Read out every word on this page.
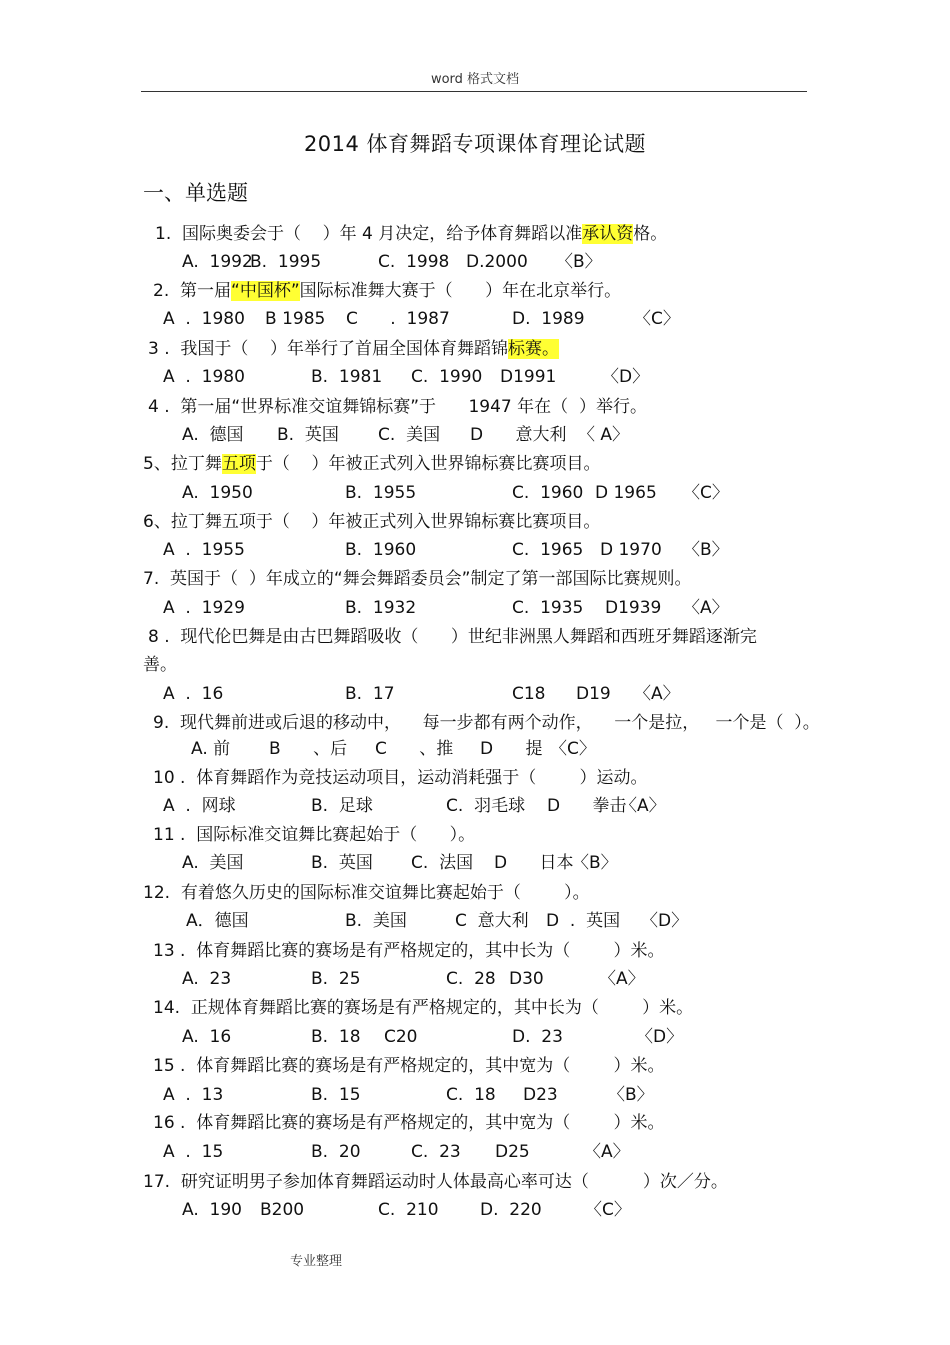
word 格式文档
2014 体育舞蹈专项课体育理论试题
一、单选题
1.  国际奥委会于（    ）年 4 月决定，给予体育舞蹈以准承认资格。
A.  1992
B.  1995	C.  1998 D.2000 〈B〉
2.  第一届“中国杯”国际标准舞大赛于（      ）年在北京举行。
A  .  1980 B 1985 C      .  1987	D.  1989	〈C〉
3 .  我国于（    ）年举行了首届全国体育舞蹈锦标赛。
A  .  1980	B.  1981 C.  1990 D1991	〈D〉
4 .  第一届“世界标准交谊舞锦标赛”于      1947 年在（  ）举行。
A.  德国 B.  英国 C.  美国 D      意大利 〈 A〉
5、拉丁舞五项于（    ）年被正式列入世界锦标赛比赛项目。
A.  1950	B.  1955	C.  1960 D 1965 〈C〉
6、拉丁舞五项于（    ）年被正式列入世界锦标赛比赛项目。
A  .  1955	B.  1960	C.  1965 D 1970 〈B〉
7.  英国于（  ）年成立的“舞会舞蹈委员会”制定了第一部国际比赛规则。
A  .  1929	B.  1932	C.  1935 D1939 〈A〉
8 .  现代伦巴舞是由古巴舞蹈吸收（      ）世纪非洲黑人舞蹈和西班牙舞蹈逐渐完
善。
A  .  16	B.  17	C18 D19 〈A〉
9.  现代舞前进或后退的移动中，    每一步都有两个动作，    一个是拉，   一个是（  ）。
A. 前 B      、后 C      、推 D      提 〈C〉
10 .  体育舞蹈作为竞技运动项目，运动消耗强于（        ）运动。
A  .  网球	B.  足球	C.  羽毛球 D      拳击
〈A〉
11 .  国际标准交谊舞比赛起始于（      ）。
A.  美国	B.  英国 C.  法国 D      日本
〈B〉
12.  有着悠久历史的国际标准交谊舞比赛起始于（        ）。
A．德国	B.  美国	C  意大利 D  .  英国 〈D〉
13 .  体育舞蹈比赛的赛场是有严格规定的，其中长为（        ）米。
A.  23	B.  25	C.  28 D30	〈A〉
14.  正规体育舞蹈比赛的赛场是有严格规定的，其中长为（        ）米。
A.  16	B.  18 C20	D.  23	〈D〉
15 .  体育舞蹈比赛的赛场是有严格规定的，其中宽为（        ）米。
A  .  13	B.  15	C.  18 D23	〈B〉
16 .  体育舞蹈比赛的赛场是有严格规定的，其中宽为（        ）米。
A  .  15	B.  20	C.  23 D25	〈A〉
17.  研究证明男子参加体育舞蹈运动时人体最高心率可达（          ）次／分。
A.  190 B200	C.  210 D.  220	〈C〉
专业整理
